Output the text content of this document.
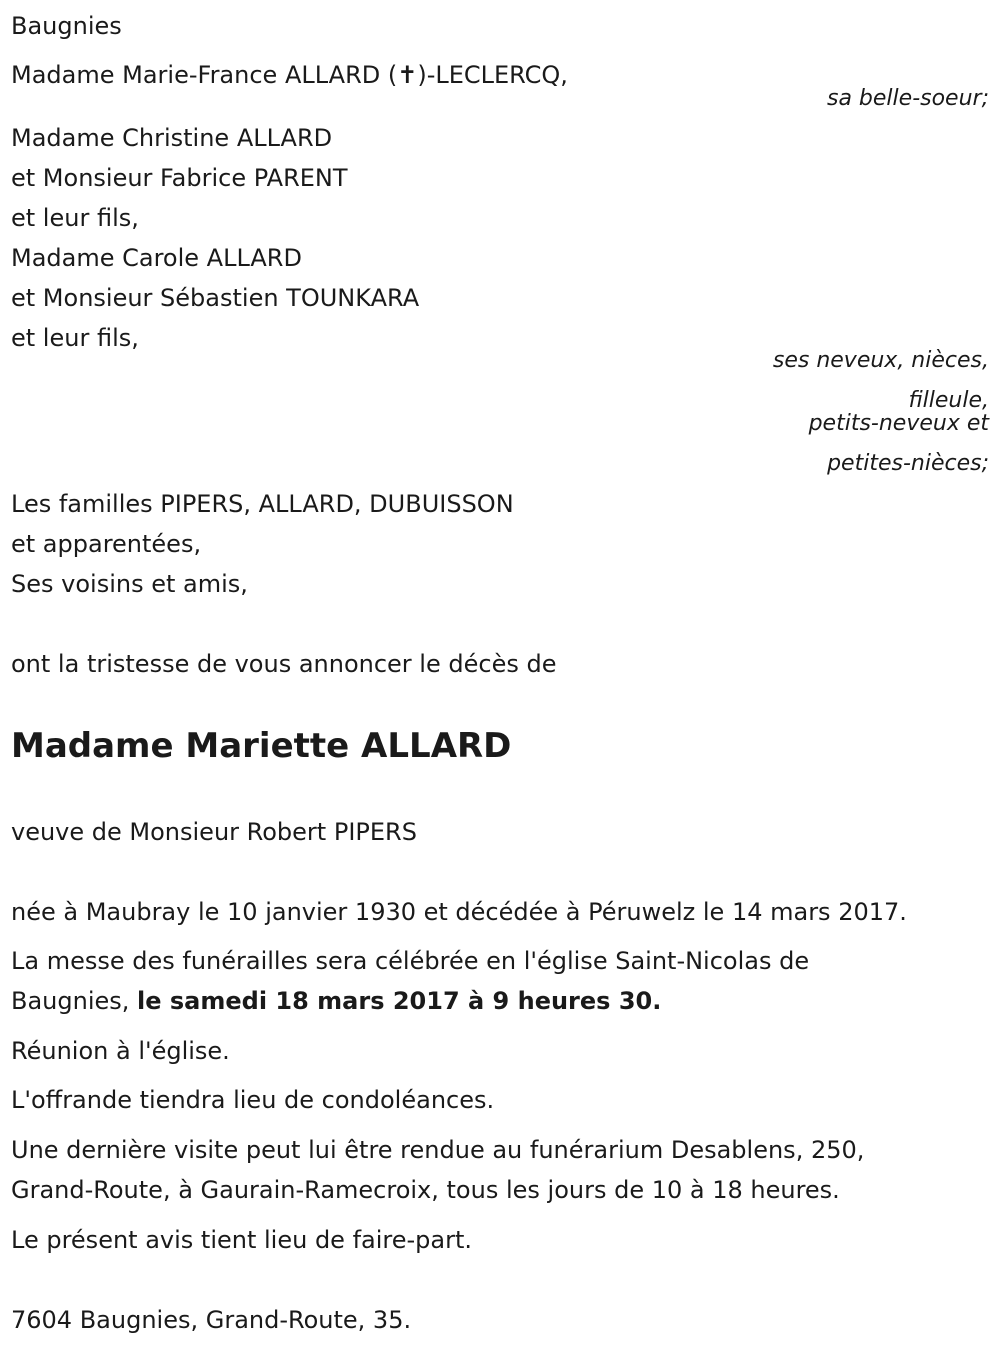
Baugnies
Madame Marie-France ALLARD (✝)-LECLERCQ,
sa belle-soeur;
Madame Christine ALLARD
et Monsieur Fabrice PARENT
et leur fils,
Madame Carole ALLARD
et Monsieur Sébastien TOUNKARA
et leur fils,
ses neveux, nièces,
filleule,
petits-neveux et
petites-nièces;
Les familles PIPERS, ALLARD, DUBUISSON
et apparentées,
Ses voisins et amis,
ont la tristesse de vous annoncer le décès de
Madame Mariette ALLARD
veuve de Monsieur Robert PIPERS
née à Maubray le 10 janvier 1930 et décédée à Péruwelz le 14 mars 2017.
La messe des funérailles sera célébrée en l'église Saint-Nicolas de
Baugnies, le samedi 18 mars 2017 à 9 heures 30.
Réunion à l'église.
L'offrande tiendra lieu de condoléances.
Une dernière visite peut lui être rendue au funérarium Desablens, 250,
Grand-Route, à Gaurain-Ramecroix, tous les jours de 10 à 18 heures.
Le présent avis tient lieu de faire-part.
7604 Baugnies, Grand-Route, 35.
